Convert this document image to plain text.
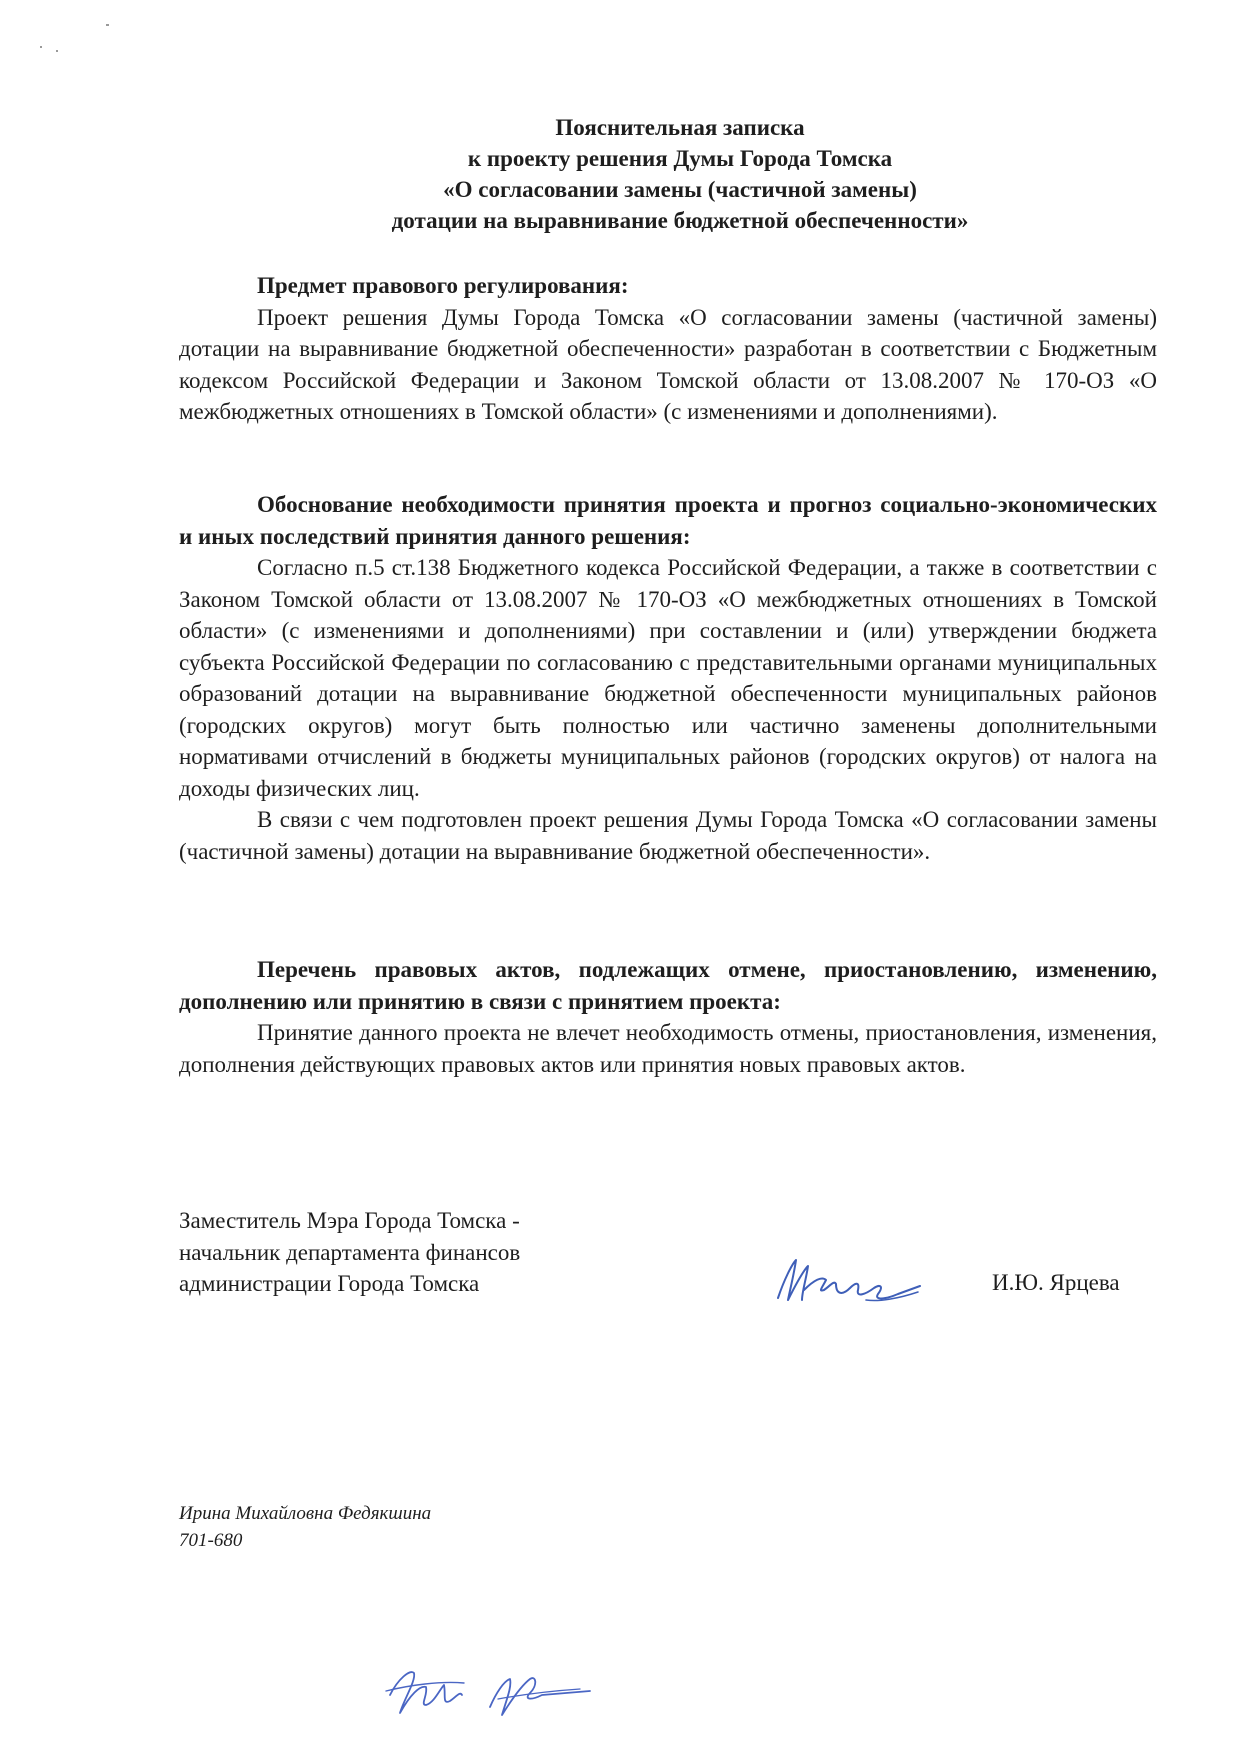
Пояснительная записка
к проекту решения Думы Города Томска
«О согласовании замены (частичной замены)
дотации на выравнивание бюджетной обеспеченности»
Предмет правового регулирования:

Проект решения Думы Города Томска «О согласовании замены (частичной замены) дотации на выравнивание бюджетной обеспеченности» разработан в соответствии с Бюджетным кодексом Российской Федерации и Законом Томской области от 13.08.2007 № 170-ОЗ «О межбюджетных отношениях в Томской области» (с изменениями и дополнениями).

Обоснование необходимости принятия проекта и прогноз социально-экономических и иных последствий принятия данного решения:

Согласно п.5 ст.138 Бюджетного кодекса Российской Федерации, а также в соответствии с Законом Томской области от 13.08.2007 № 170-ОЗ «О межбюджетных отношениях в Томской области» (с изменениями и дополнениями) при составлении и (или) утверждении бюджета субъекта Российской Федерации по согласованию с представительными органами муниципальных образований дотации на выравнивание бюджетной обеспеченности муниципальных районов (городских округов) могут быть полностью или частично заменены дополнительными нормативами отчислений в бюджеты муниципальных районов (городских округов) от налога на доходы физических лиц.

В связи с чем подготовлен проект решения Думы Города Томска «О согласовании замены (частичной замены) дотации на выравнивание бюджетной обеспеченности».

Перечень правовых актов, подлежащих отмене, приостановлению, изменению, дополнению или принятию в связи с принятием проекта:

Принятие данного проекта не влечет необходимость отмены, приостановления, изменения, дополнения действующих правовых актов или принятия новых правовых актов.

Заместитель Мэра Города Томска -
начальник департамента финансов
администрации Города Томска	И.Ю. Ярцева
Ирина Михайловна Федякшина
701-680
